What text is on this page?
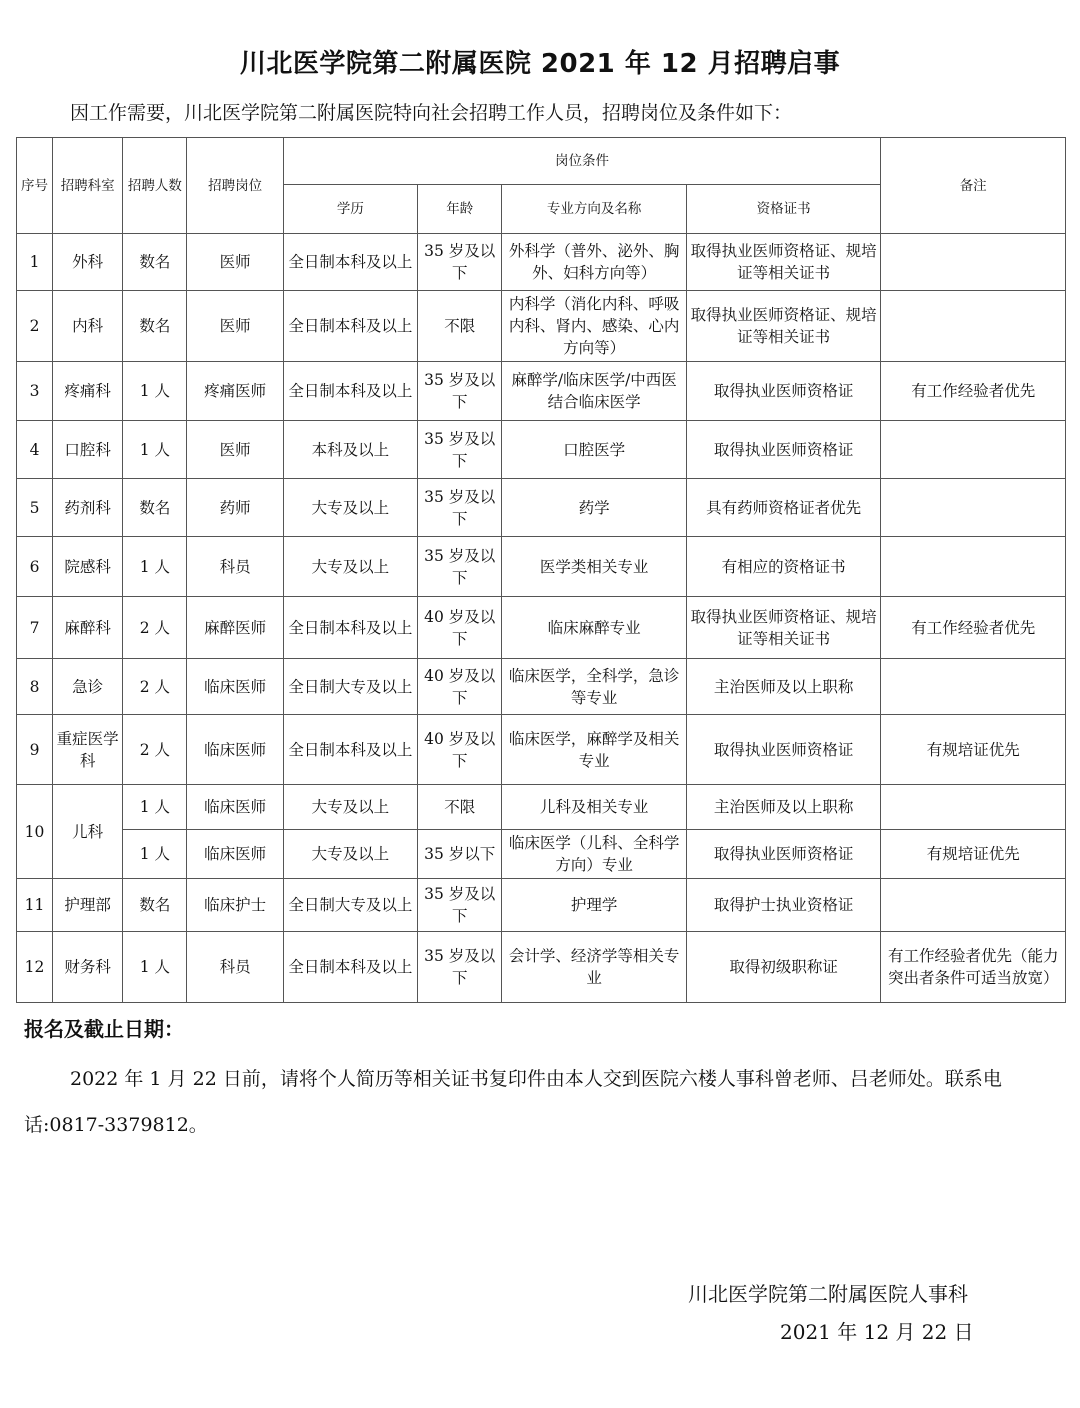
川北医学院第二附属医院 2021 年 12 月招聘启事
因工作需要，川北医学院第二附属医院特向社会招聘工作人员，招聘岗位及条件如下：
序号	招聘科室	招聘人数	招聘岗位	岗位条件				备注
				学历	年龄	专业方向及名称	资格证书	
1	外科	数名	医师	全日制本科及以上	35 岁及以下	外科学（普外、泌外、胸外、妇科方向等）	取得执业医师资格证、规培证等相关证书	
2	内科	数名	医师	全日制本科及以上	不限	内科学（消化内科、呼吸内科、肾内、感染、心内方向等）	取得执业医师资格证、规培证等相关证书	
3	疼痛科	1 人	疼痛医师	全日制本科及以上	35 岁及以下	麻醉学/临床医学/中西医结合临床医学	取得执业医师资格证	有工作经验者优先
4	口腔科	1 人	医师	本科及以上	35 岁及以下	口腔医学	取得执业医师资格证	
5	药剂科	数名	药师	大专及以上	35 岁及以下	药学	具有药师资格证者优先	
6	院感科	1 人	科员	大专及以上	35 岁及以下	医学类相关专业	有相应的资格证书	
7	麻醉科	2 人	麻醉医师	全日制本科及以上	40 岁及以下	临床麻醉专业	取得执业医师资格证、规培证等相关证书	有工作经验者优先
8	急诊	2 人	临床医师	全日制大专及以上	40 岁及以下	临床医学，全科学，急诊等专业	主治医师及以上职称	
9	重症医学科	2 人	临床医师	全日制本科及以上	40 岁及以下	临床医学，麻醉学及相关专业	取得执业医师资格证	有规培证优先
10	儿科	1 人	临床医师	大专及以上	不限	儿科及相关专业	主治医师及以上职称	
		1 人	临床医师	大专及以上	35 岁以下	临床医学（儿科、全科学方向）专业	取得执业医师资格证	有规培证优先
11	护理部	数名	临床护士	全日制大专及以上	35 岁及以下	护理学	取得护士执业资格证	
12	财务科	1 人	科员	全日制本科及以上	35 岁及以下	会计学、经济学等相关专业	取得初级职称证	有工作经验者优先（能力突出者条件可适当放宽）
报名及截止日期：
2022 年 1 月 22 日前，请将个人简历等相关证书复印件由本人交到医院六楼人事科曾老师、吕老师处。联系电话:0817-3379812。
川北医学院第二附属医院人事科
2021 年 12 月 22 日
